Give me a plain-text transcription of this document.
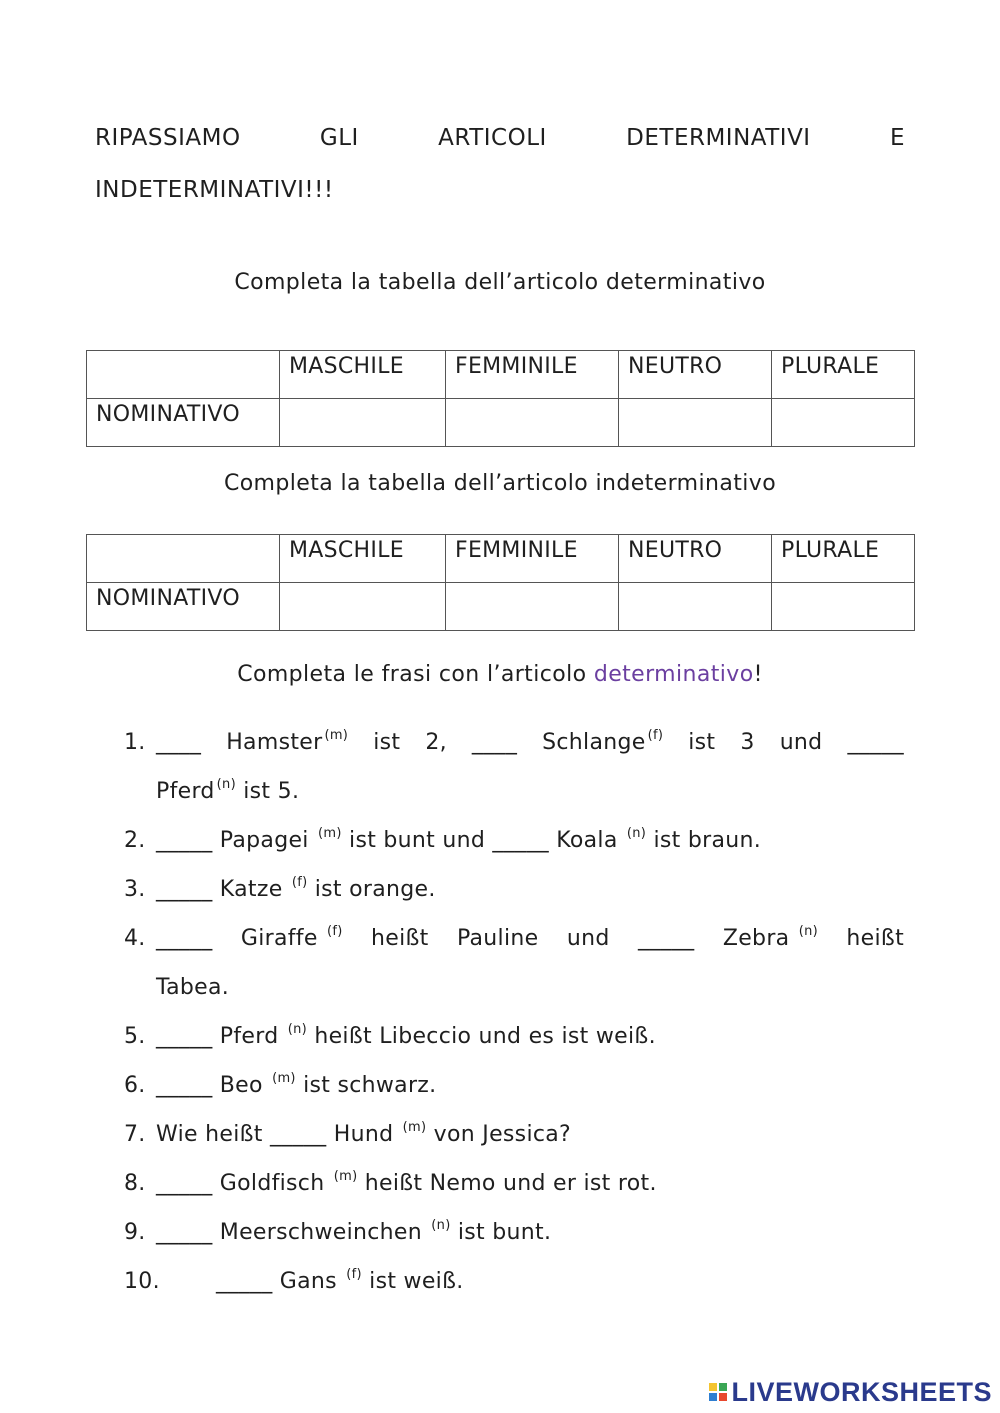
RIPASSIAMO	GLI	ARTICOLI	DETERMINATIVI	E
INDETERMINATIVI!!!
Completa la tabella dell’articolo determinativo
	MASCHILE	FEMMINILE	NEUTRO	PLURALE
NOMINATIVO				
Completa la tabella dell’articolo indeterminativo
	MASCHILE	FEMMINILE	NEUTRO	PLURALE
NOMINATIVO				
Completa le frasi con l’articolo determinativo!
1. ____ Hamster $^{(m)}$ ist 2, ____ Schlange $^{(f)}$ ist 3 und _____
Pferd $^{(n)}$ ist 5.
2. _____ Papagei $^{(m)}$ ist bunt und _____ Koala $^{(n)}$ ist braun.
3. _____ Katze $^{(f)}$ ist orange.
4. _____ Giraffe $^{(f)}$ heißt Pauline und _____ Zebra $^{(n)}$ heißt
Tabea.
5. _____ Pferd $^{(n)}$ heißt Libeccio und es ist weiß.
6. _____ Beo $^{(m)}$ ist schwarz.
7. Wie heißt _____ Hund $^{(m)}$ von Jessica?
8. _____ Goldfisch $^{(m)}$ heißt Nemo und er ist rot.
9. _____ Meerschweinchen $^{(n)}$ ist bunt.
10.	_____ Gans $^{(f)}$ ist weiß.
LIVEWORKSHEETS
